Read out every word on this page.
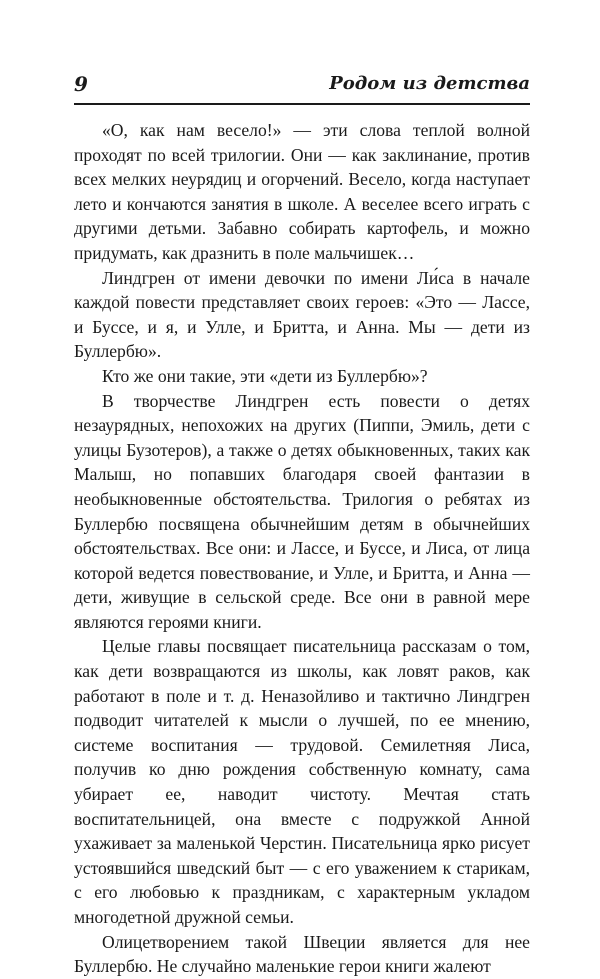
9	Родом из детства

«О, как нам весело!» — эти слова теплой волной проходят по всей трилогии. Они — как заклинание, против всех мелких неурядиц и огорчений. Весело, когда наступает лето и кончаются занятия в школе. А веселее всего играть с другими детьми. Забавно собирать картофель, и можно придумать, как дразнить в поле мальчишек…

Линдгрен от имени девочки по имени Ли́са в начале каждой повести представляет своих героев: «Это — Лассе, и Буссе, и я, и Улле, и Бритта, и Анна. Мы — дети из Буллербю».

Кто же они такие, эти «дети из Буллербю»?

В творчестве Линдгрен есть повести о детях незаурядных, непохожих на других (Пиппи, Эмиль, дети с улицы Бузотеров), а также о детях обыкновенных, таких как Малыш, но попавших благодаря своей фантазии в необыкновенные обстоятельства. Трилогия о ребятах из Буллербю посвящена обычнейшим детям в обычнейших обстоятельствах. Все они: и Лассе, и Буссе, и Лиса, от лица которой ведется повествование, и Улле, и Бритта, и Анна — дети, живущие в сельской среде. Все они в равной мере являются героями книги.

Целые главы посвящает писательница рассказам о том, как дети возвращаются из школы, как ловят раков, как работают в поле и т. д. Неназойливо и тактично Линдгрен подводит читателей к мысли о лучшей, по ее мнению, системе воспитания — трудовой. Семилетняя Лиса, получив ко дню рождения собственную комнату, сама убирает ее, наводит чистоту. Мечтая стать воспитательницей, она вместе с подружкой Анной ухаживает за маленькой Черстин. Писательница ярко рисует устоявшийся шведский быт — с его уважением к старикам, с его любовью к праздникам, с характерным укладом многодетной дружной семьи.

Олицетворением такой Швеции является для нее Буллербю. Не случайно маленькие герои книги жалеют
